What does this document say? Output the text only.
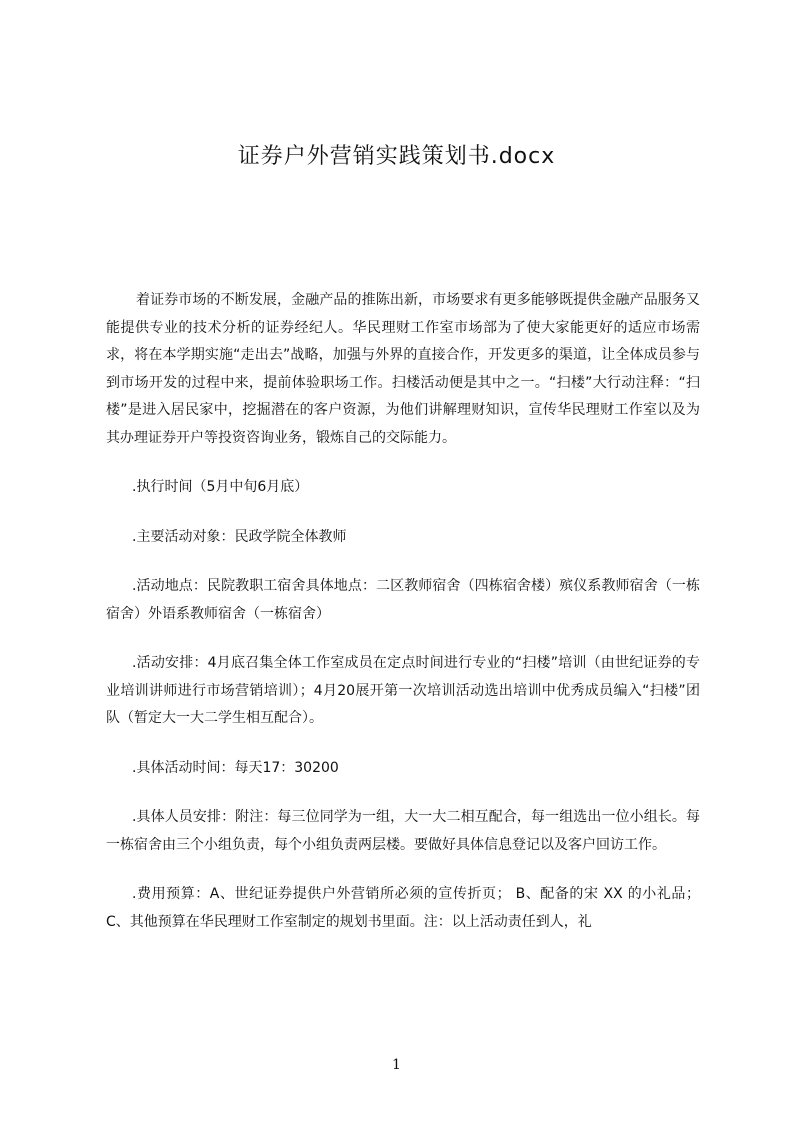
证券户外营销实践策划书.docx

着证券市场的不断发展，金融产品的推陈出新，市场要求有更多能够既提供金融产品服务又能提供专业的技术分析的证券经纪人。华民理财工作室市场部为了使大家能更好的适应市场需求，将在本学期实施“走出去”战略，加强与外界的直接合作，开发更多的渠道，让全体成员参与到市场开发的过程中来，提前体验职场工作。扫楼活动便是其中之一。“扫楼”大行动注释：“扫楼”是进入居民家中，挖掘潜在的客户资源，为他们讲解理财知识，宣传华民理财工作室以及为其办理证券开户等投资咨询业务，锻炼自己的交际能力。

.执行时间（5月中旬6月底）

.主要活动对象：民政学院全体教师

.活动地点：民院教职工宿舍具体地点：二区教师宿舍（四栋宿舍楼）殡仪系教师宿舍（一栋宿舍）外语系教师宿舍（一栋宿舍）

.活动安排：4月底召集全体工作室成员在定点时间进行专业的“扫楼”培训（由世纪证券的专业培训讲师进行市场营销培训）；4月20展开第一次培训活动选出培训中优秀成员编入“扫楼”团队（暂定大一大二学生相互配合）。

.具体活动时间：每天17：30200

.具体人员安排：附注：每三位同学为一组，大一大二相互配合，每一组选出一位小组长。每一栋宿舍由三个小组负责，每个小组负责两层楼。要做好具体信息登记以及客户回访工作。

.费用预算：A、世纪证券提供户外营销所必须的宣传折页； B、配备的宋 XX 的小礼品；C、其他预算在华民理财工作室制定的规划书里面。注：以上活动责任到人，礼

1
